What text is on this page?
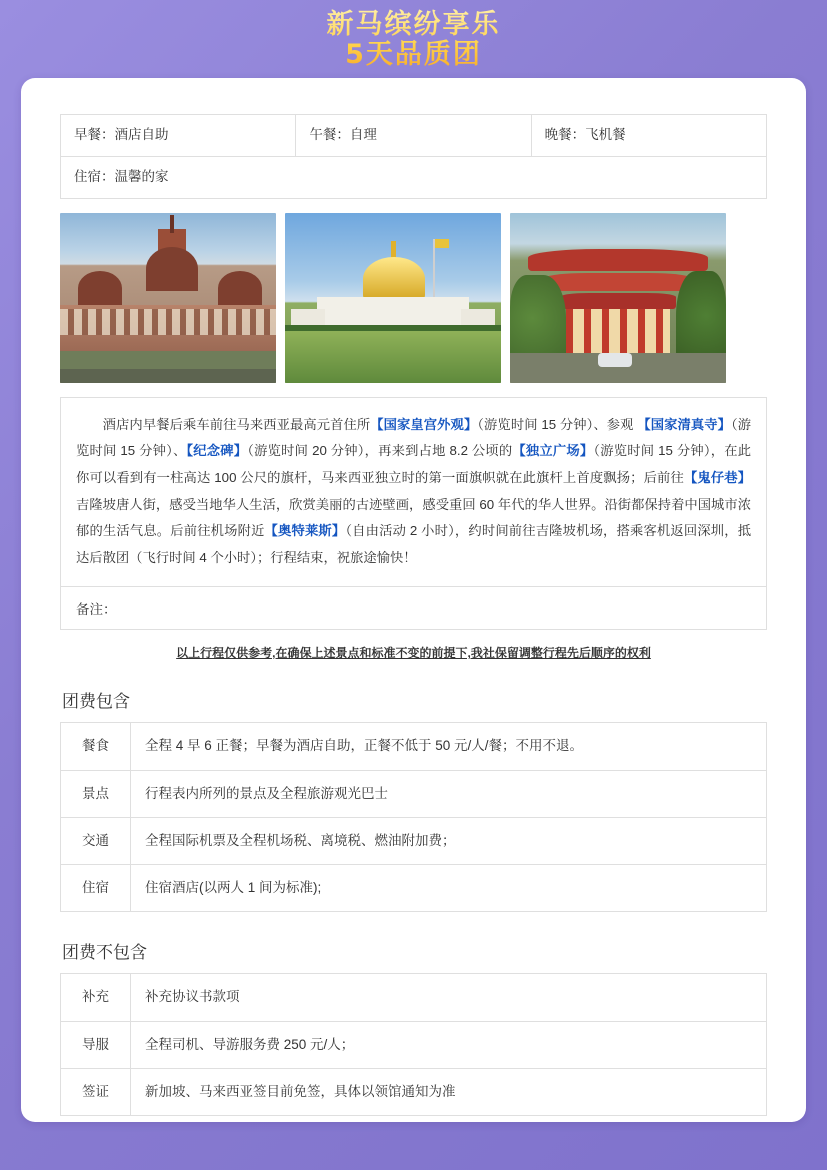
新马缤纷享乐
5天品质团
早餐：酒店自助	午餐：自理	晚餐：飞机餐
住宿：温馨的家
酒店内早餐后乘车前往马来西亚最高元首住所【国家皇宫外观】（游览时间 15 分钟）、参观 【国家清真寺】（游览时间 15 分钟）、【纪念碑】（游览时间 20 分钟），再来到占地 8.2 公顷的【独立广场】（游览时间 15 分钟），在此你可以看到有一柱高达 100 公尺的旗杆，马来西亚独立时的第一面旗帜就在此旗杆上首度飘扬；后前往【鬼仔巷】吉隆坡唐人街，感受当地华人生活，欣赏美丽的古迹壁画，感受重回 60 年代的华人世界。沿街都保持着中国城市浓郁的生活气息。后前往机场附近【奥特莱斯】（自由活动 2 小时），约时间前往吉隆坡机场，搭乘客机返回深圳，抵达后散团（飞行时间 4 个小时）；行程结束，祝旅途愉快！
备注：
以上行程仅供参考,在确保上述景点和标准不变的前提下,我社保留调整行程先后顺序的权利
团费包含
餐食	全程 4 早 6 正餐；早餐为酒店自助，正餐不低于 50 元/人/餐；不用不退。
景点	行程表内所列的景点及全程旅游观光巴士
交通	全程国际机票及全程机场税、离境税、燃油附加费；
住宿	住宿酒店(以两人 1 间为标准);
团费不包含
补充	补充协议书款项
导服	全程司机、导游服务费 250 元/人；
签证	新加坡、马来西亚签目前免签，具体以领馆通知为准
